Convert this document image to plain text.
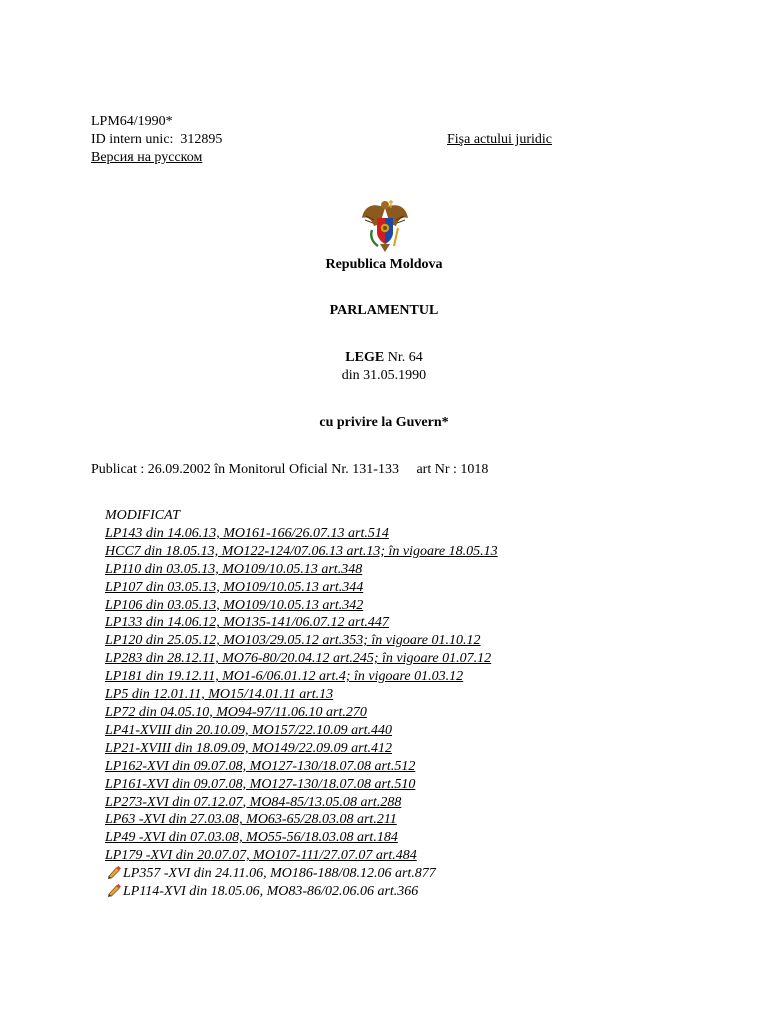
LPM64/1990*
ID intern unic: 312895	Fişa actului juridic
Версия на русском
Republica Moldova
PARLAMENTUL
LEGE Nr. 64
din 31.05.1990
cu privire la Guvern*
Publicat : 26.09.2002 în Monitorul Oficial Nr. 131-133     art Nr : 1018
MODIFICAT
LP143 din 14.06.13, MO161-166/26.07.13 art.514
HCC7 din 18.05.13, MO122-124/07.06.13 art.13; în vigoare 18.05.13
LP110 din 03.05.13, MO109/10.05.13 art.348
LP107 din 03.05.13, MO109/10.05.13 art.344
LP106 din 03.05.13, MO109/10.05.13 art.342
LP133 din 14.06.12, MO135-141/06.07.12 art.447
LP120 din 25.05.12, MO103/29.05.12 art.353; în vigoare 01.10.12
LP283 din 28.12.11, MO76-80/20.04.12 art.245; în vigoare 01.07.12
LP181 din 19.12.11, MO1-6/06.01.12 art.4; în vigoare 01.03.12
LP5 din 12.01.11, MO15/14.01.11 art.13
LP72 din 04.05.10, MO94-97/11.06.10 art.270
LP41-XVIII din 20.10.09, MO157/22.10.09 art.440
LP21-XVIII din 18.09.09, MO149/22.09.09 art.412
LP162-XVI din 09.07.08, MO127-130/18.07.08 art.512
LP161-XVI din 09.07.08, MO127-130/18.07.08 art.510
LP273-XVI din 07.12.07, MO84-85/13.05.08 art.288
LP63 -XVI din 27.03.08, MO63-65/28.03.08 art.211
LP49 -XVI din 07.03.08, MO55-56/18.03.08 art.184
LP179 -XVI din 20.07.07, MO107-111/27.07.07 art.484
LP357 -XVI din 24.11.06, MO186-188/08.12.06 art.877
LP114-XVI din 18.05.06, MO83-86/02.06.06 art.366
